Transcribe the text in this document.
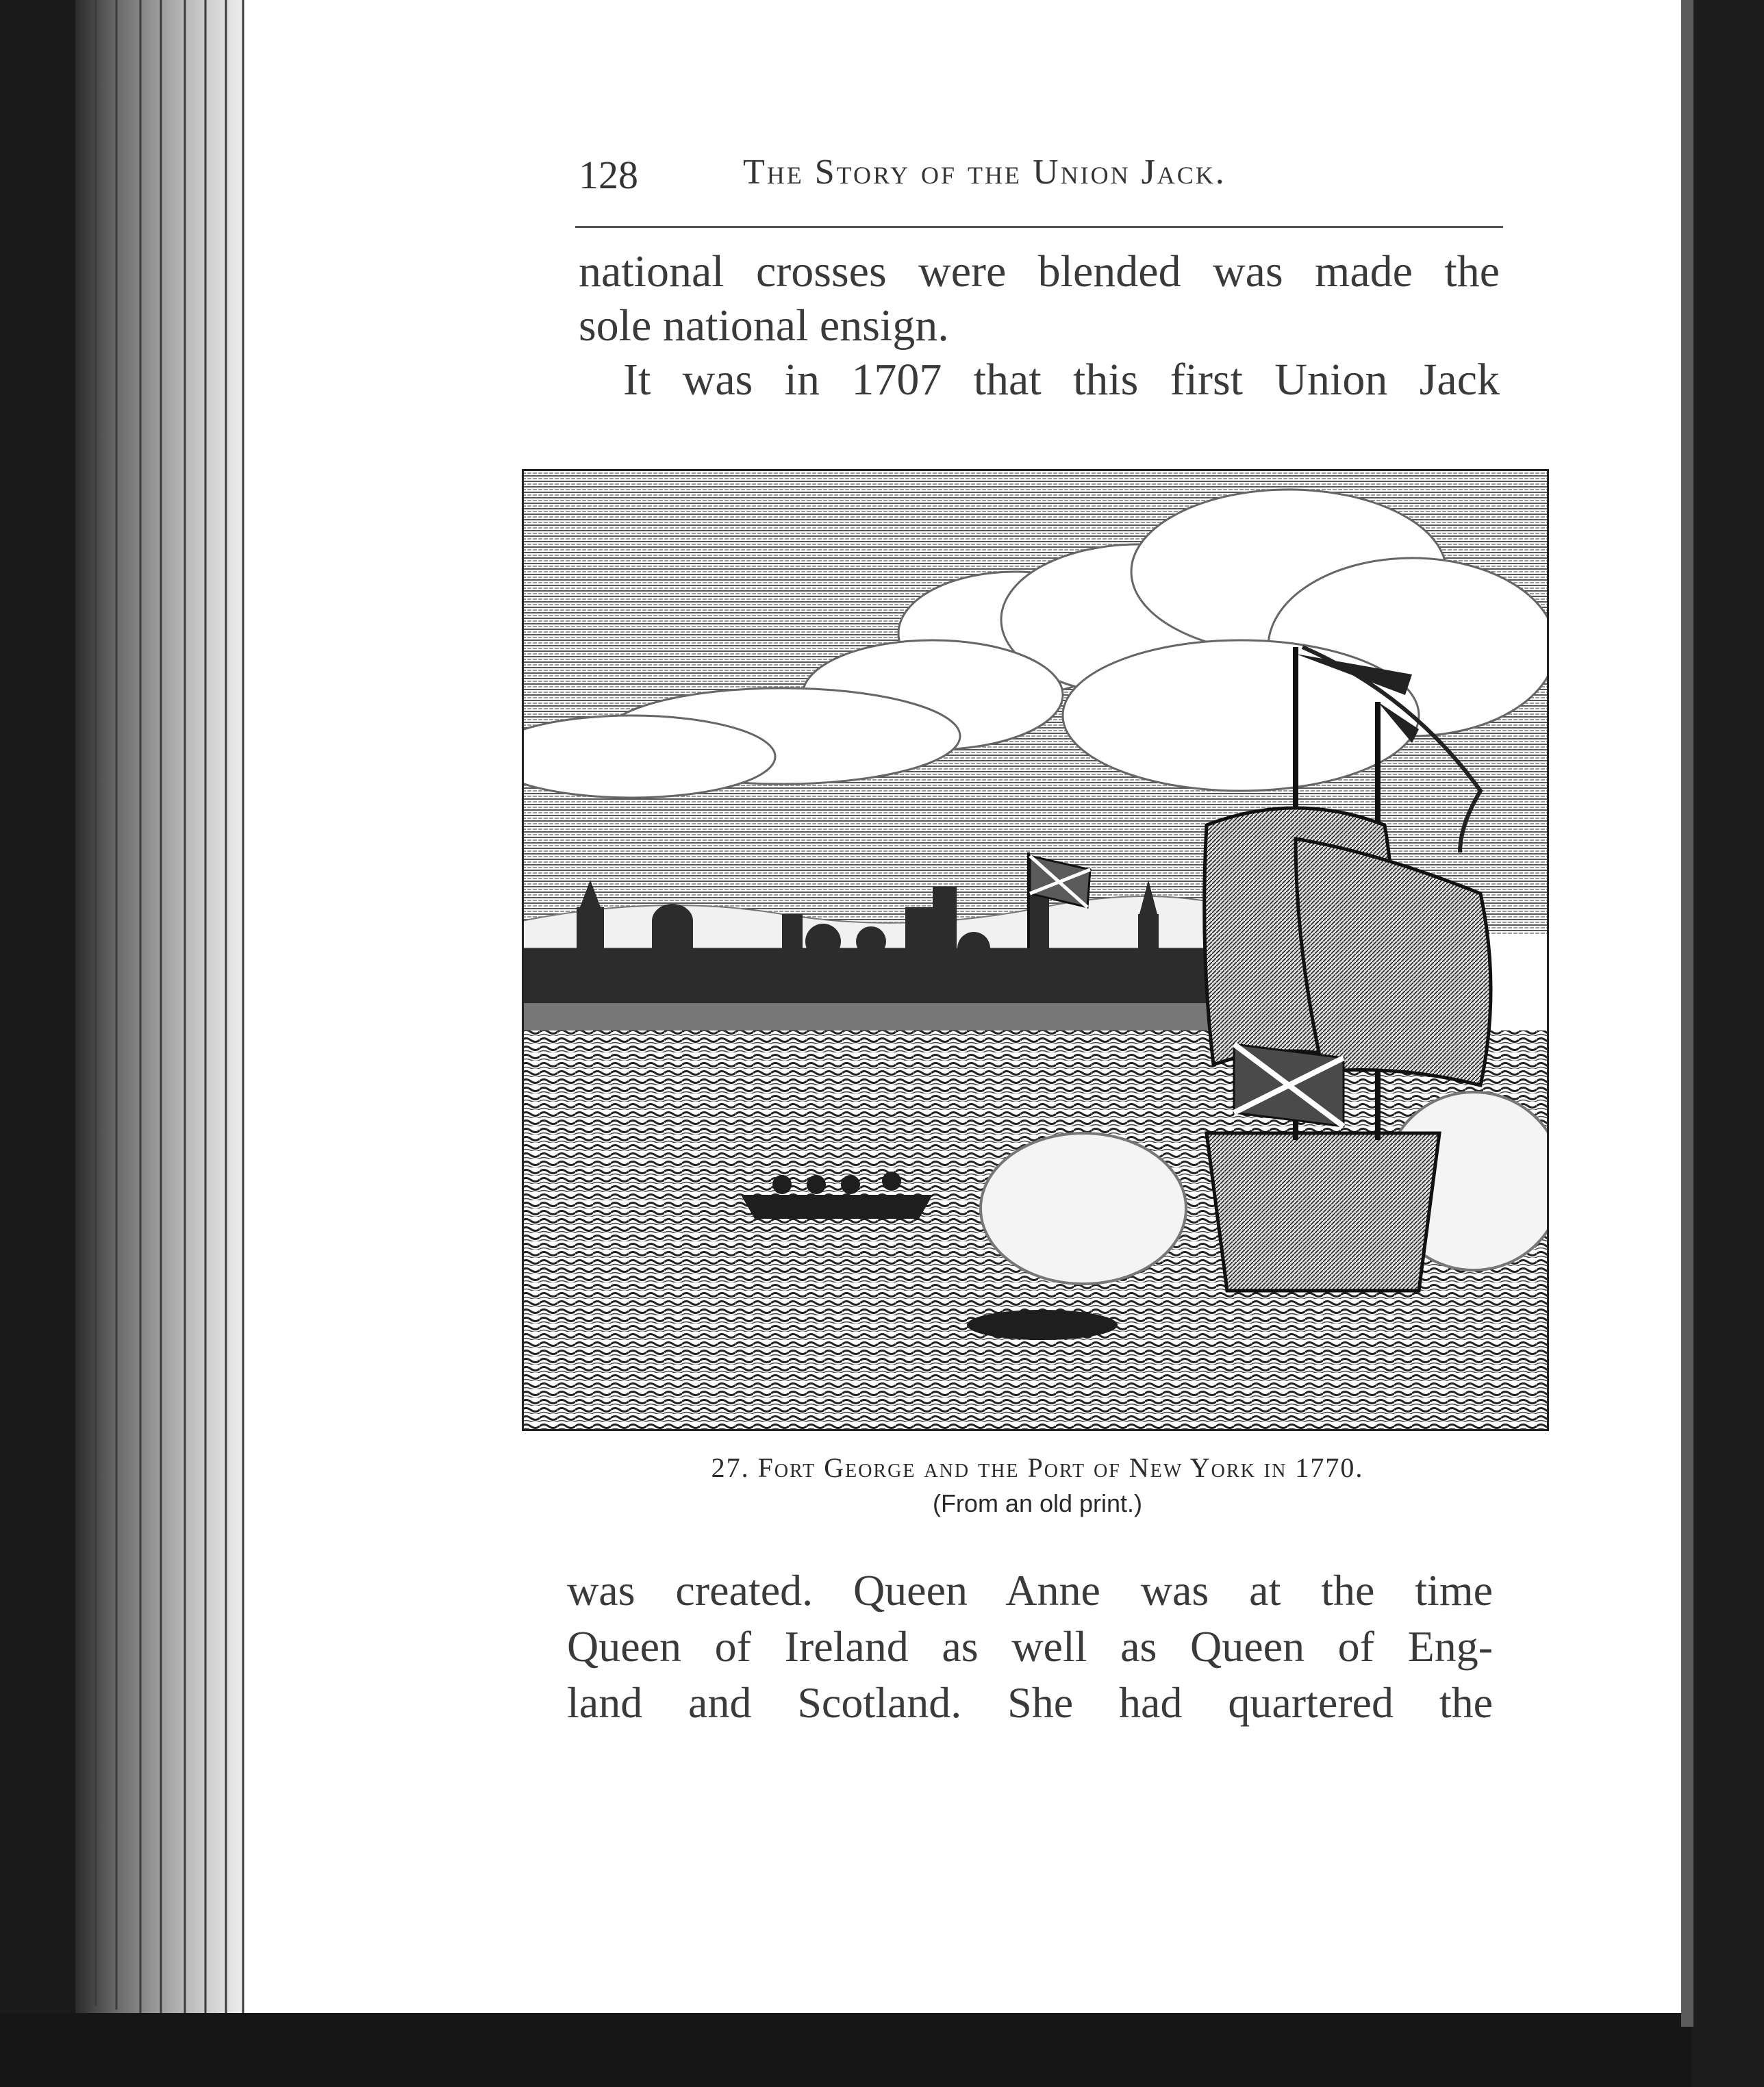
128	The Story of the Union Jack.
national crosses were blended was made the
sole national ensign.
It was in 1707 that this first Union Jack
27. Fort George and the Port of New York in 1770.
(From an old print.)
was created. Queen Anne was at the time
Queen of Ireland as well as Queen of Eng-
land and Scotland. She had quartered the
